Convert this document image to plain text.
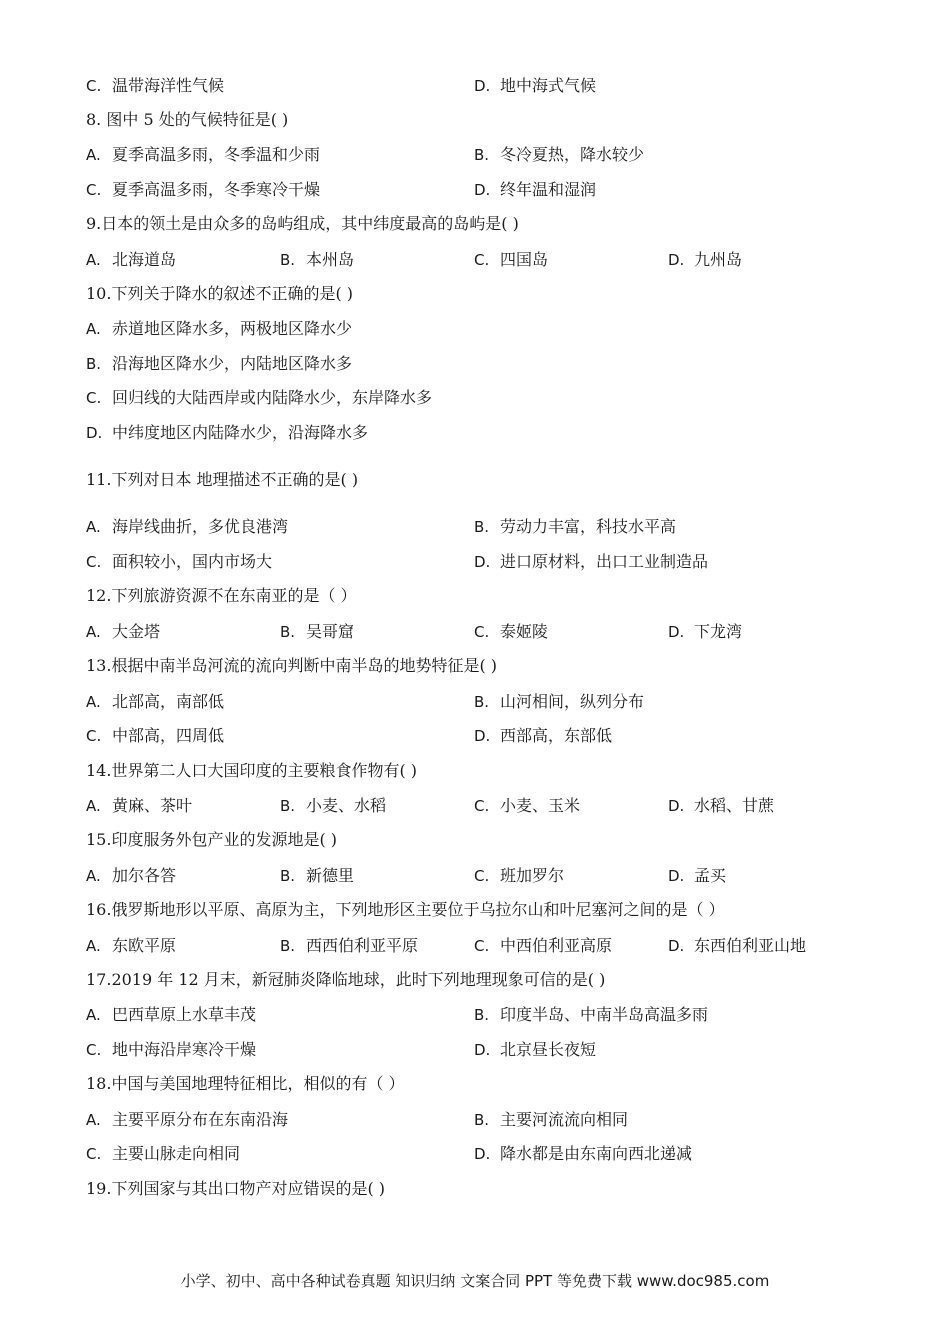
C. 温带海洋性气候	D. 地中海式气候
8. 图中 5 处的气候特征是( )
A. 夏季高温多雨，冬季温和少雨	B. 冬冷夏热，降水较少
C. 夏季高温多雨，冬季寒冷干燥	D. 终年温和湿润
9.日本的领土是由众多的岛屿组成，其中纬度最高的岛屿是( )
A. 北海道岛	B. 本州岛	C. 四国岛	D. 九州岛
10.下列关于降水的叙述不正确的是( )
A. 赤道地区降水多，两极地区降水少
B. 沿海地区降水少，内陆地区降水多
C. 回归线的大陆西岸或内陆降水少，东岸降水多
D. 中纬度地区内陆降水少，沿海降水多
11.下列对日本 地理描述不正确的是( )
A. 海岸线曲折，多优良港湾	B. 劳动力丰富，科技水平高
C. 面积较小，国内市场大	D. 进口原材料，出口工业制造品
12.下列旅游资源不在东南亚的是（ ）
A. 大金塔	B. 吴哥窟	C. 泰姬陵	D. 下龙湾
13.根据中南半岛河流的流向判断中南半岛的地势特征是( )
A. 北部高，南部低	B. 山河相间，纵列分布
C. 中部高，四周低	D. 西部高，东部低
14.世界第二人口大国印度的主要粮食作物有( )
A. 黄麻、茶叶	B. 小麦、水稻	C. 小麦、玉米	D. 水稻、甘蔗
15.印度服务外包产业的发源地是( )
A. 加尔各答	B. 新德里	C. 班加罗尔	D. 孟买
16.俄罗斯地形以平原、高原为主，下列地形区主要位于乌拉尔山和叶尼塞河之间的是（ ）
A. 东欧平原	B. 西西伯利亚平原	C. 中西伯利亚高原	D. 东西伯利亚山地
17.2019 年 12 月末，新冠肺炎降临地球，此时下列地理现象可信的是( )
A. 巴西草原上水草丰茂	B. 印度半岛、中南半岛高温多雨
C. 地中海沿岸寒冷干燥	D. 北京昼长夜短
18.中国与美国地理特征相比，相似的有（ ）
A. 主要平原分布在东南沿海	B. 主要河流流向相同
C. 主要山脉走向相同	D. 降水都是由东南向西北递减
19.下列国家与其出口物产对应错误的是( )
小学、初中、高中各种试卷真题 知识归纳 文案合同 PPT 等免费下载 www.doc985.com
